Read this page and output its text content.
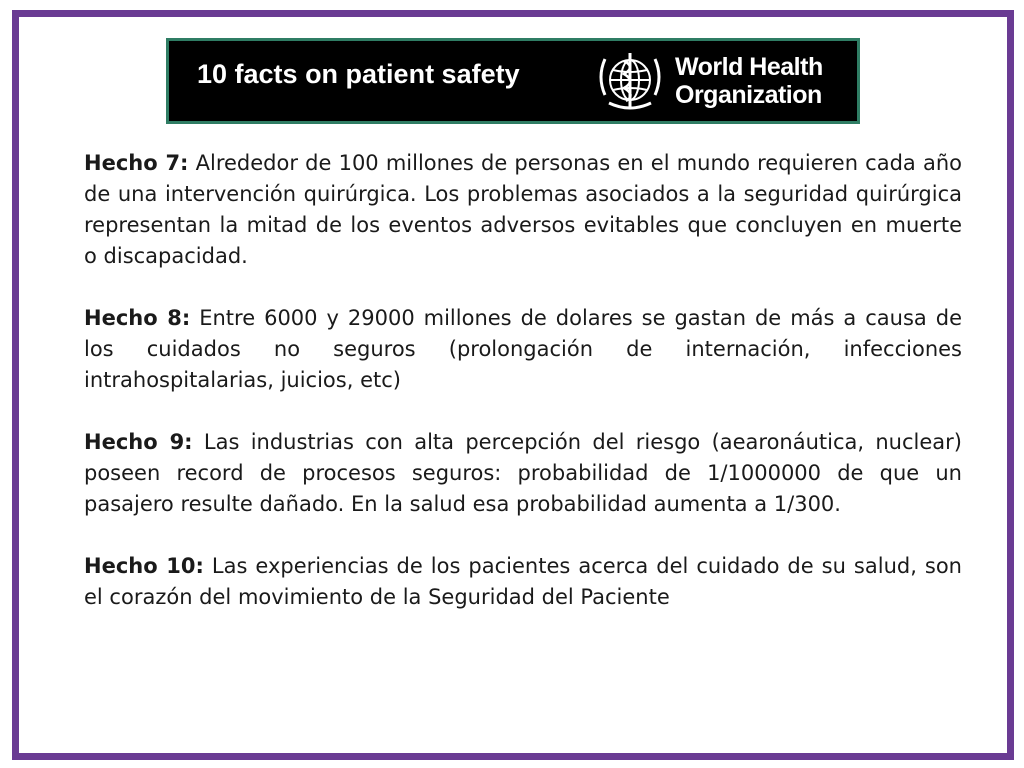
10 facts on patient safety	World Health
Organization

Hecho 7: Alrededor de 100 millones de personas en el mundo requieren cada año de una intervención quirúrgica. Los problemas asociados a la seguridad quirúrgica representan la mitad de los eventos adversos evitables que concluyen en muerte o discapacidad.

Hecho 8: Entre 6000 y 29000 millones de dolares se gastan de más a causa de los cuidados no seguros (prolongación de internación, infecciones intrahospitalarias, juicios, etc)

Hecho 9: Las industrias con alta percepción del riesgo (aearonáutica, nuclear) poseen record de procesos seguros: probabilidad de 1/1000000 de que un pasajero resulte dañado. En la salud esa probabilidad aumenta a 1/300.

Hecho 10: Las experiencias de los pacientes acerca del cuidado de su salud, son el corazón del movimiento de la Seguridad del Paciente
